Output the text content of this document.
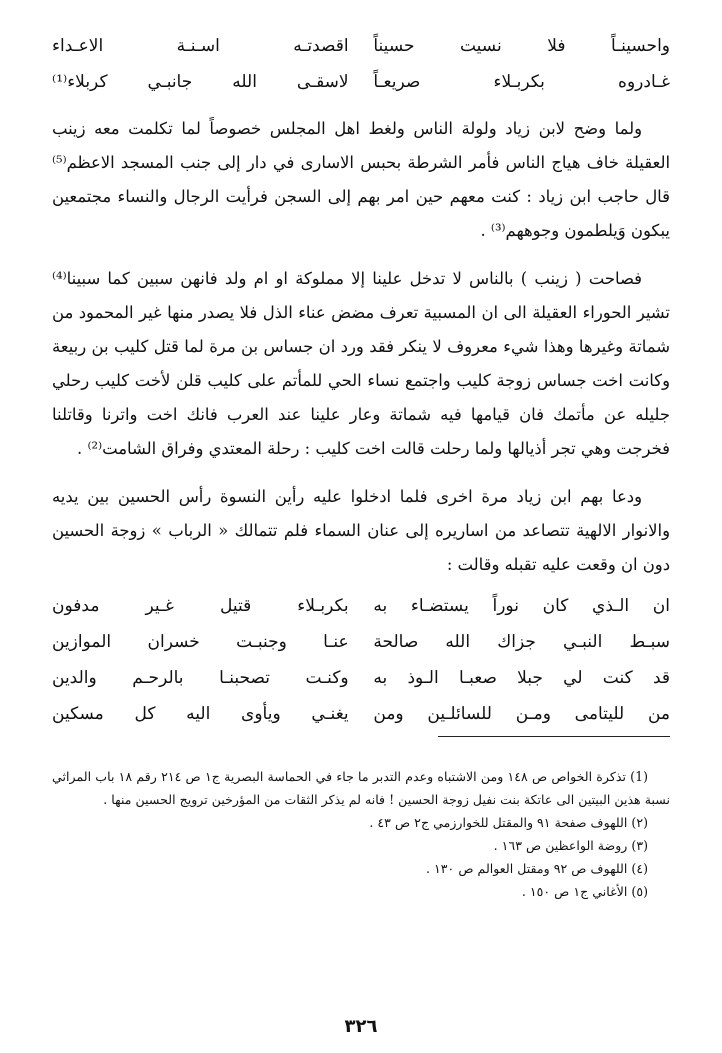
واحسينـاً فلا نسيت حسيناً
اقصدتـه اسـنـة الاعـداء
غـادروه بكربـلاء صريعـاً
لاسقـى الله جانبـي كربلاء⁽¹⁾

ولما وضح لابن زياد ولولة الناس ولغط اهل المجلس خصوصاً لما تكلمت معه زينب العقيلة خاف هياج الناس فأمر الشرطة بحبس الاسارى في دار إلى جنب المسجد الاعظم⁽⁵⁾ قال حاجب ابن زياد : كنت معهم حين امر بهم إلى السجن فرأيت الرجال والنساء مجتمعين يبكون وَيلطمون وجوههم⁽³⁾ .

فصاحت ( زينب ) بالناس لا تدخل علينا إلا مملوكة او ام ولد فانهن سبين كما سبينا⁽⁴⁾ تشير الحوراء العقيلة الى ان المسبية تعرف مضض عناء الذل فلا يصدر منها غير المحمود من شماتة وغيرها وهذا شيء معروف لا ينكر فقد ورد ان جساس بن مرة لما قتل كليب بن ربيعة وكانت اخت جساس زوجة كليب واجتمع نساء الحي للمأتم على كليب قلن لأخت كليب رحلي جليله عن مأتمك فان قيامها فيه شماتة وعار علينا عند العرب فانك اخت واترنا وقاتلنا فخرجت وهي تجر أذيالها ولما رحلت قالت اخت كليب : رحلة المعتدي وفراق الشامت⁽²⁾ .

ودعا بهم ابن زياد مرة اخرى فلما ادخلوا عليه رأين النسوة رأس الحسين بين يديه والانوار الالهية تتصاعد من اساريره إلى عنان السماء فلم تتمالك « الرباب » زوجة الحسين دون ان وقعت عليه تقبله وقالت :

ان الـذي كان نوراً يستضـاء به
بكربـلاء قتيل غـير مدفون
سبـط النبـي جزاك الله صالحة
عنـا وجنبـت خسران الموازين
قد كنت لي جبلا صعبـا الـوذ به
وكنـت تصحبنـا بالرحـم والدين
من لليتامى ومـن للسائلـين ومن
يغنـي ويأوى اليه كل مسكين

(1) تذكرة الخواص ص ١٤٨ ومن الاشتباه وعدم التدبر ما جاء في الحماسة البصرية ج١ ص ٢١٤ رقم ١٨ باب المراثي نسبة هذين البيتين الى عاتكة بنت نفيل زوجة الحسين ! فانه لم يذكر الثقات من المؤرخين ترويج الحسين منها .

(٢) اللهوف صفحة ٩١ والمقتل للخوارزمي ج٢ ص ٤٣ .

(٣) روضة الواعظين ص ١٦٣ .

(٤) اللهوف ص ٩٢ ومقتل العوالم ص ١٣٠ .

(٥) الأغاني ج١ ص ١٥٠ .

٣٢٦
